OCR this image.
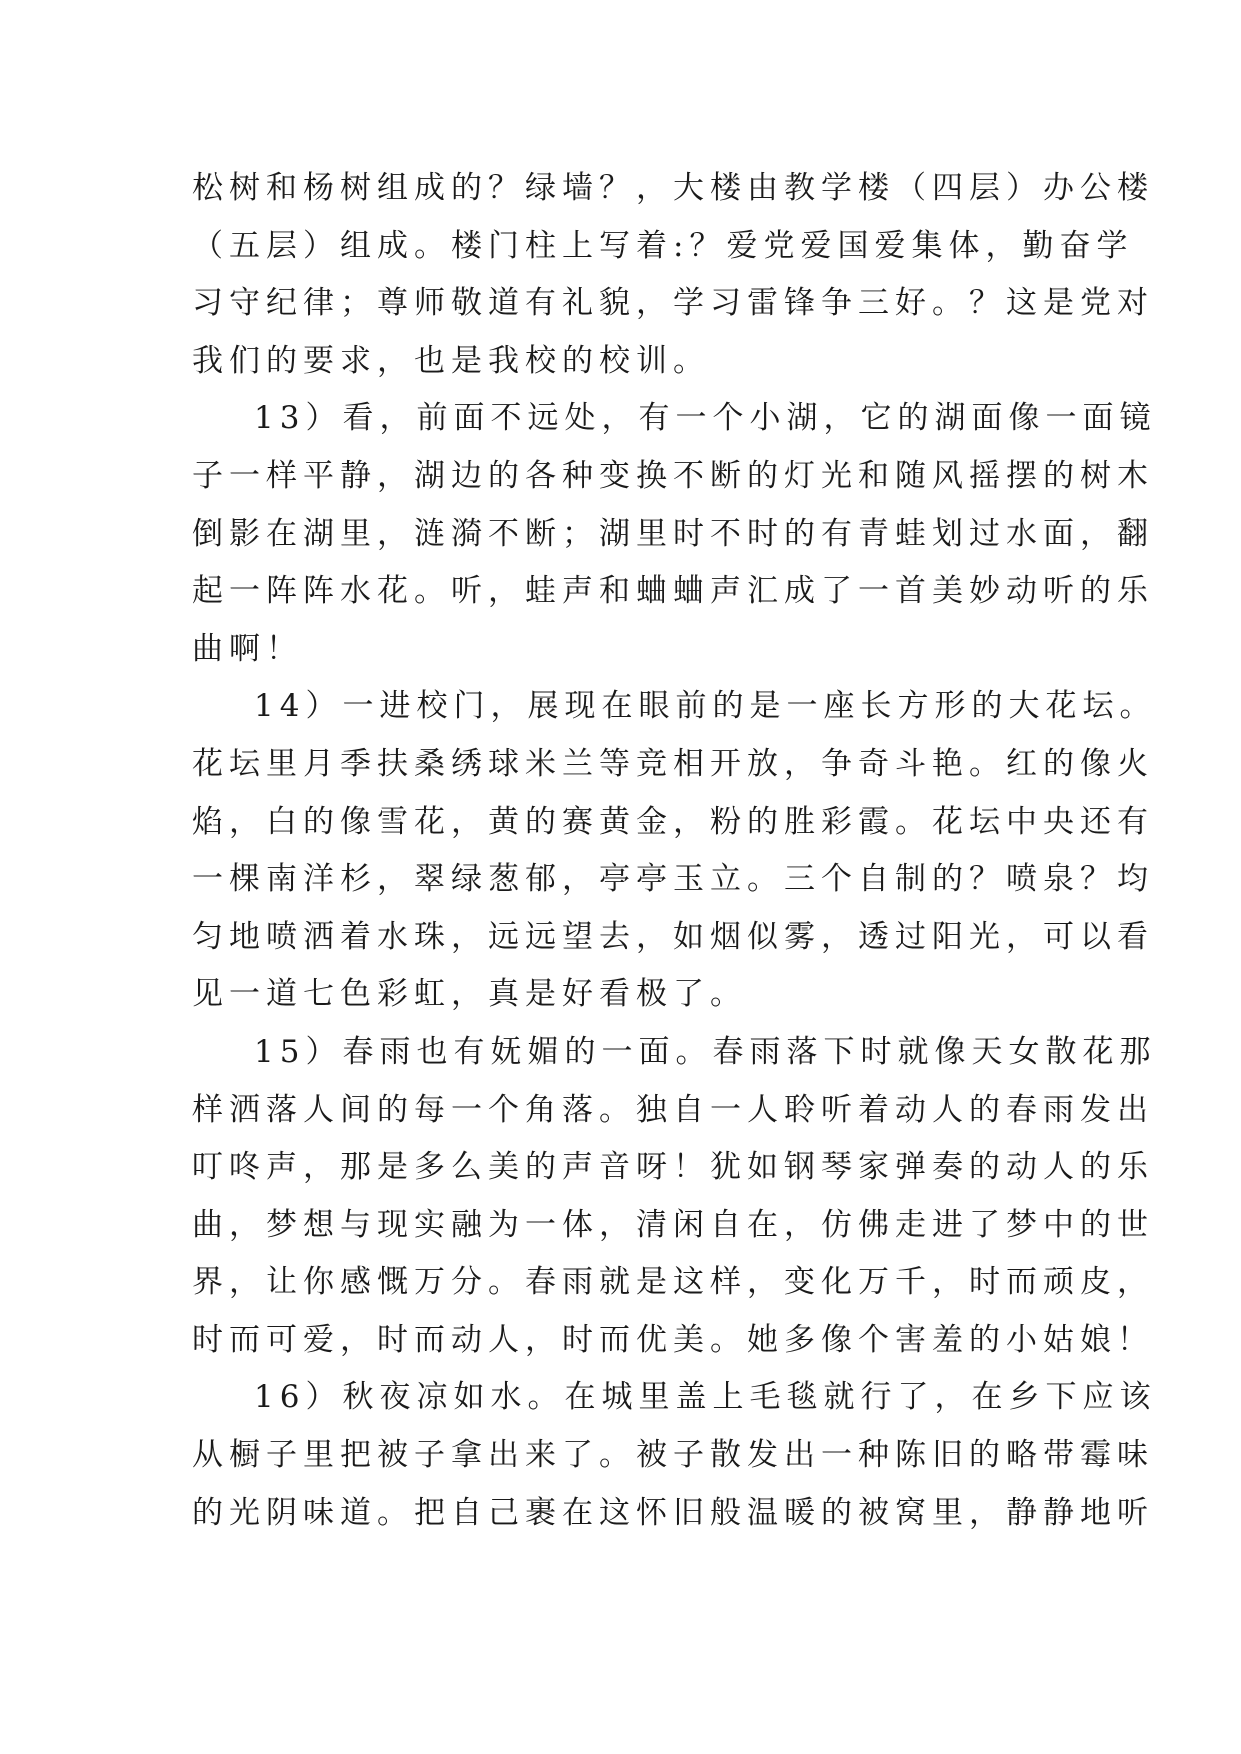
松树和杨树组成的？绿墙？，大楼由教学楼（四层）办公楼
（五层）组成。楼门柱上写着:？爱党爱国爱集体，勤奋学
习守纪律；尊师敬道有礼貌，学习雷锋争三好。？这是党对
我们的要求，也是我校的校训。
13）看，前面不远处，有一个小湖，它的湖面像一面镜
子一样平静，湖边的各种变换不断的灯光和随风摇摆的树木
倒影在湖里，涟漪不断；湖里时不时的有青蛙划过水面，翻
起一阵阵水花。听，蛙声和蛐蛐声汇成了一首美妙动听的乐
曲啊！
14）一进校门，展现在眼前的是一座长方形的大花坛。
花坛里月季扶桑绣球米兰等竞相开放，争奇斗艳。红的像火
焰，白的像雪花，黄的赛黄金，粉的胜彩霞。花坛中央还有
一棵南洋杉，翠绿葱郁，亭亭玉立。三个自制的？喷泉？均
匀地喷洒着水珠，远远望去，如烟似雾，透过阳光，可以看
见一道七色彩虹，真是好看极了。
15）春雨也有妩媚的一面。春雨落下时就像天女散花那
样洒落人间的每一个角落。独自一人聆听着动人的春雨发出
叮咚声，那是多么美的声音呀！犹如钢琴家弹奏的动人的乐
曲，梦想与现实融为一体，清闲自在，仿佛走进了梦中的世
界，让你感慨万分。春雨就是这样，变化万千，时而顽皮，
时而可爱，时而动人，时而优美。她多像个害羞的小姑娘！
16）秋夜凉如水。在城里盖上毛毯就行了，在乡下应该
从橱子里把被子拿出来了。被子散发出一种陈旧的略带霉味
的光阴味道。把自己裹在这怀旧般温暖的被窝里，静静地听
